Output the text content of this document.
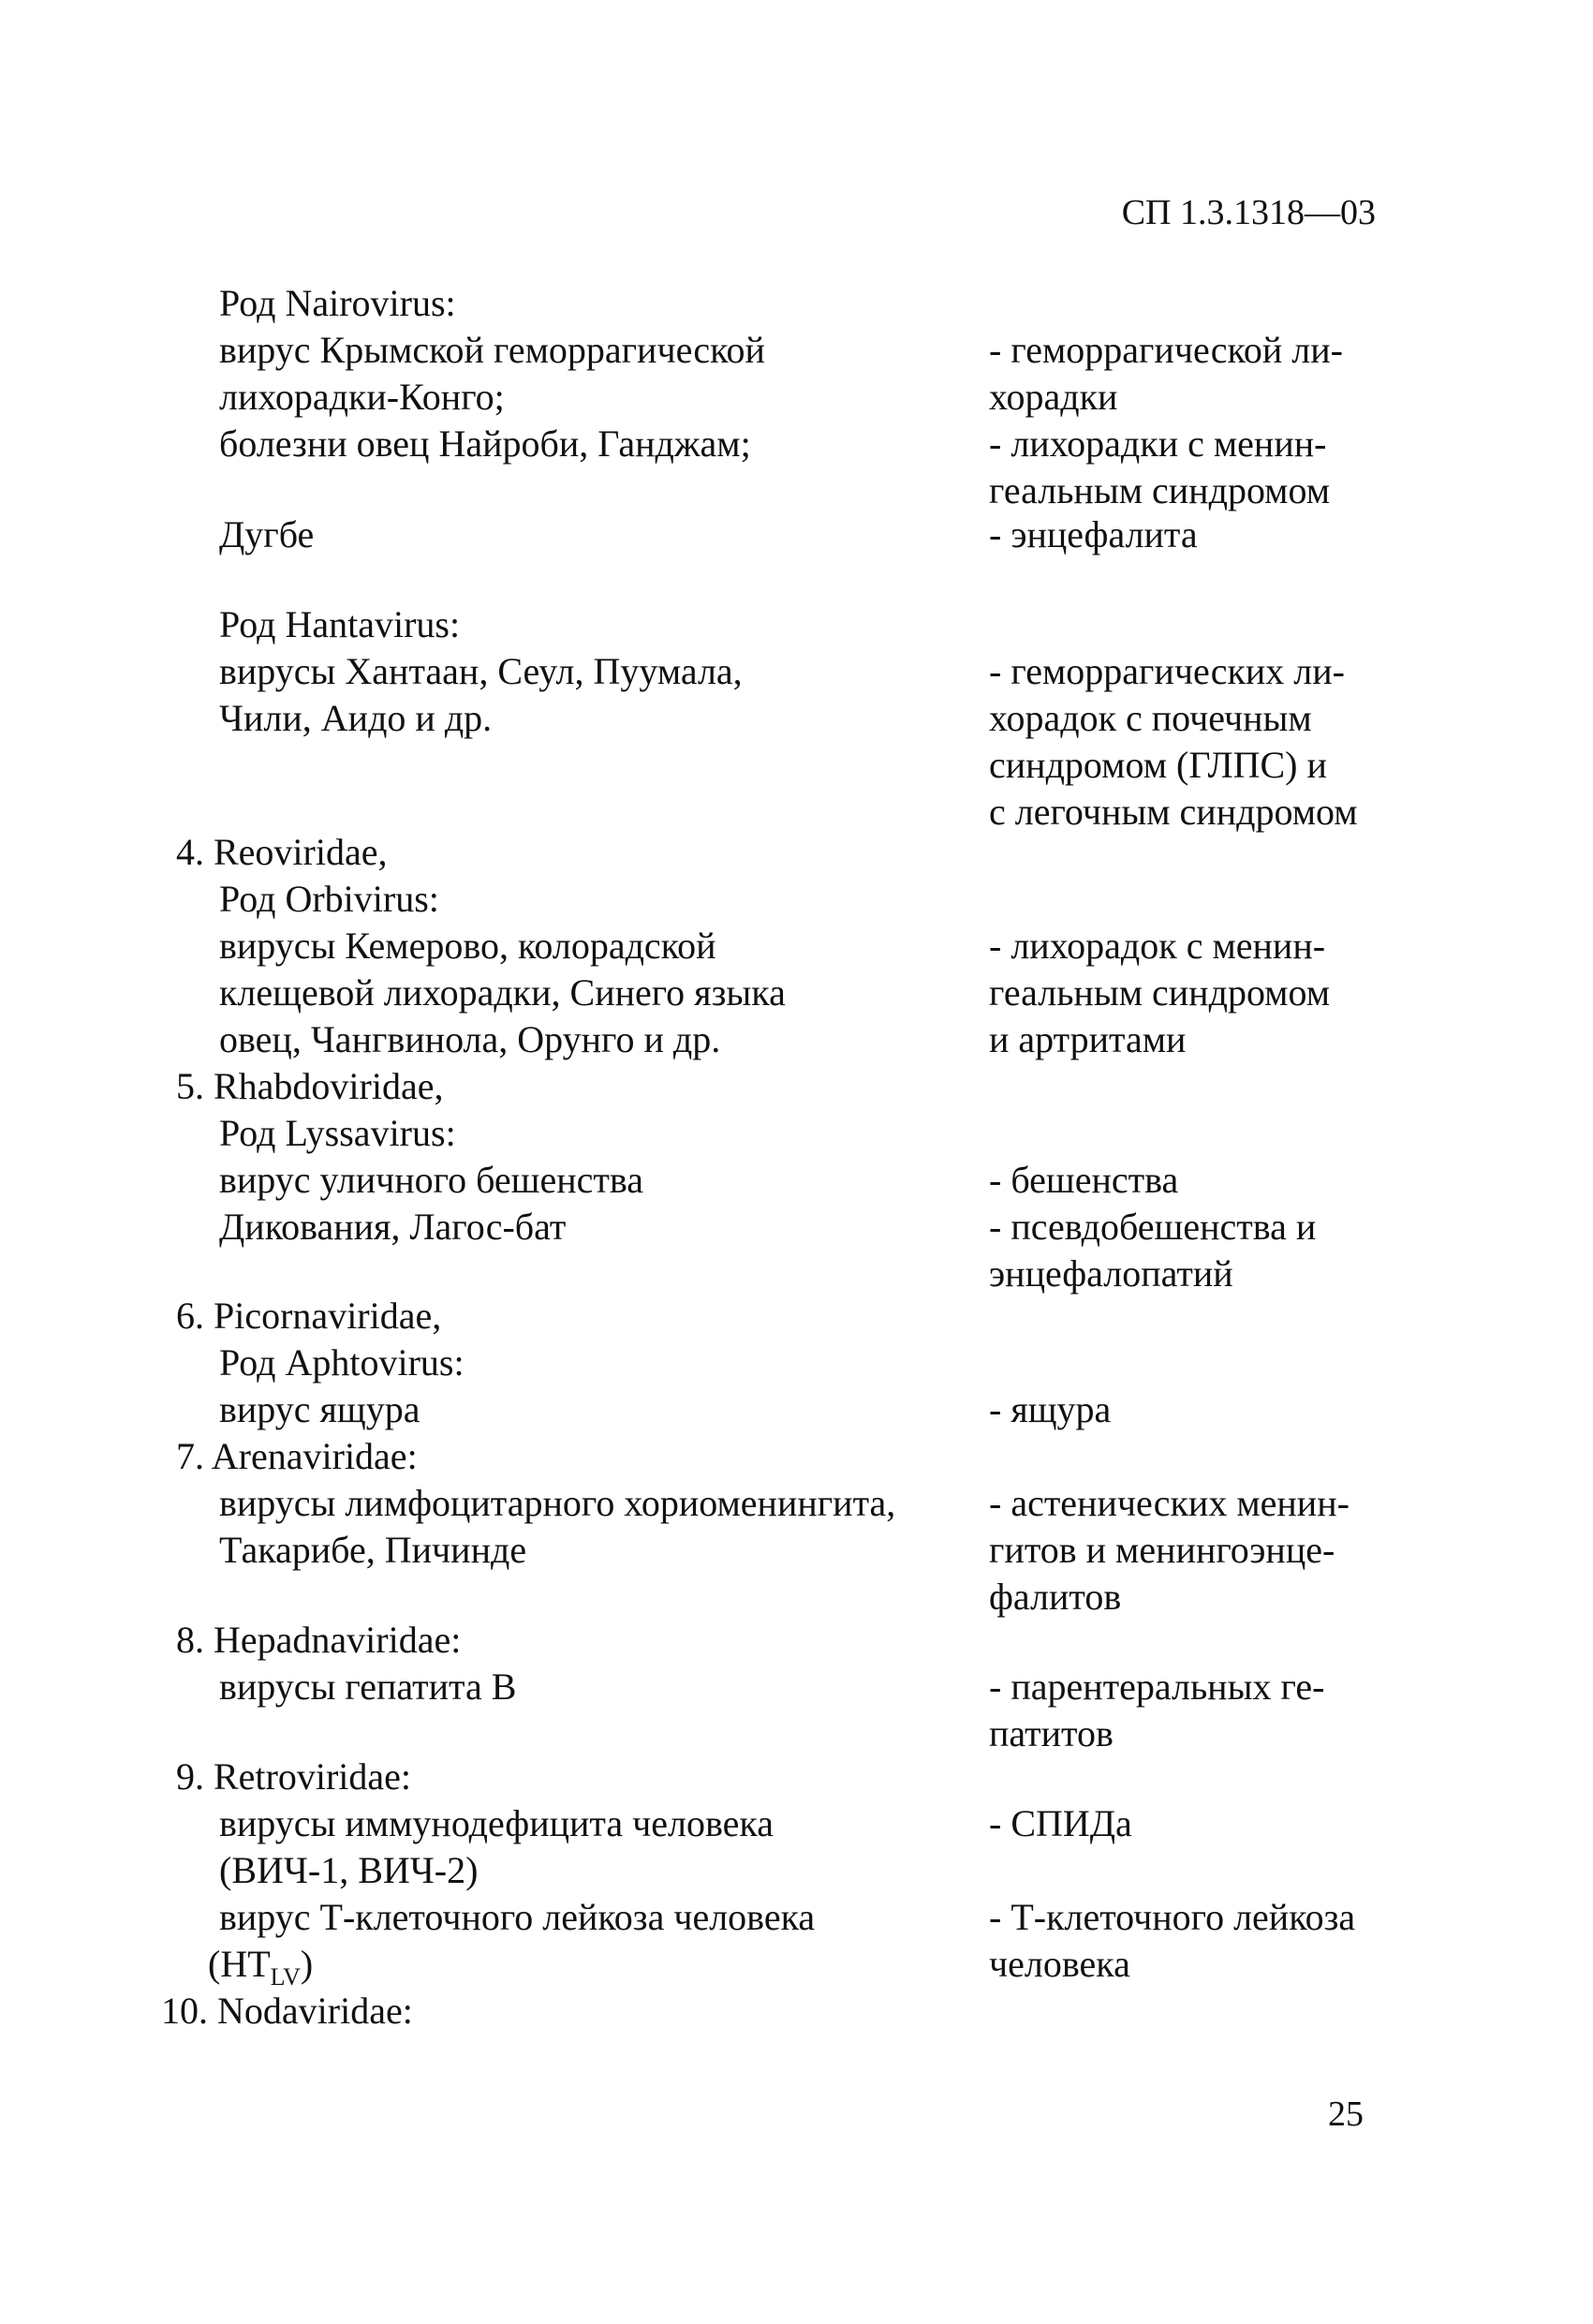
СП 1.3.1318—03
Род Nairovirus:
вирус Крымской геморрагической
лихорадки-Конго;
болезни овец Найроби, Ганджам;
Дугбе
Род Hantavirus:
вирусы Хантаан, Сеул, Пуумала,
Чили, Аидо и др.
4. Reoviridae,
Род Orbivirus:
вирусы Кемерово, колорадской
клещевой лихорадки, Синего языка
овец, Чангвинола, Орунго и др.
5. Rhabdoviridae,
Род Lyssavirus:
вирус уличного бешенства
Дикования, Лагос-бат
6. Picornaviridae,
Род Aphtovirus:
вирус ящура
7. Arenaviridae:
вирусы лимфоцитарного хориоменингита,
Такарибе, Пичинде
8. Hepadnaviridae:
вирусы гепатита B
9. Retroviridae:
вирусы иммунодефицита человека
(ВИЧ-1, ВИЧ-2)
вирус Т-клеточного лейкоза человека
$(HT_{LV})$
10. Nodaviridae:
- геморрагической ли-
хорадки
- лихорадки с менин-
геальным синдромом
- энцефалита
- геморрагических ли-
хорадок с почечным
синдромом (ГЛПС) и
с легочным синдромом
- лихорадок с менин-
геальным синдромом
и артритами
- бешенства
- псевдобешенства и
энцефалопатий
- ящура
- астенических менин-
гитов и менингоэнце-
фалитов
- парентеральных ге-
патитов
- СПИДа
- Т-клеточного лейкоза
человека
25
